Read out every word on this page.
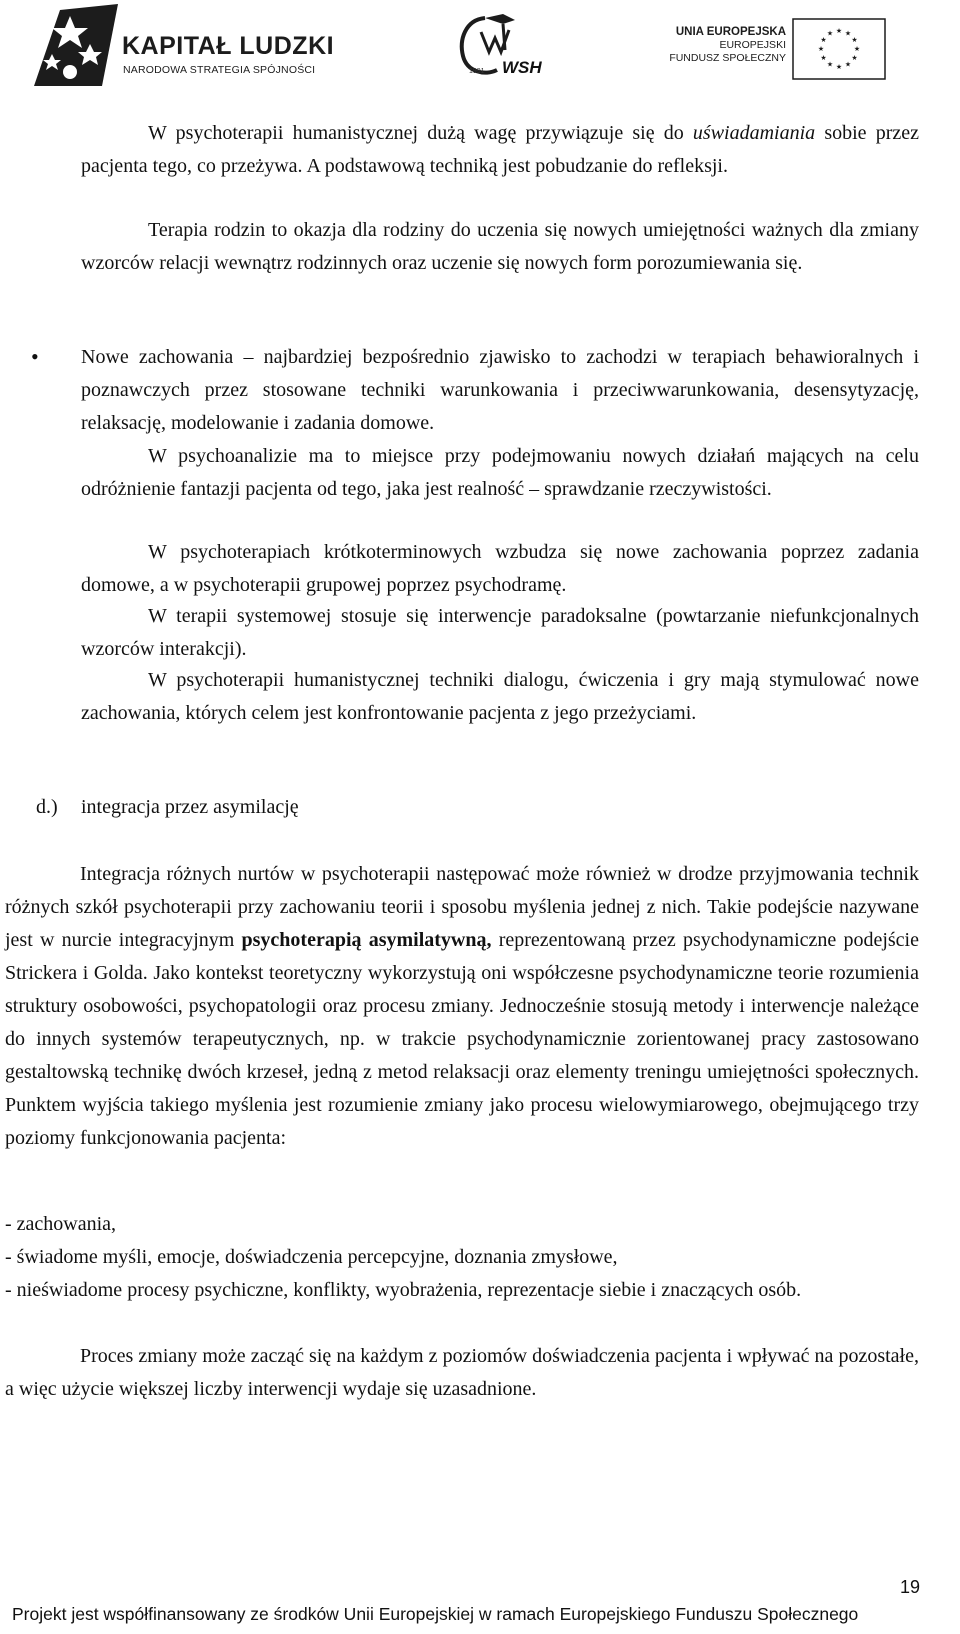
KAPITAŁ LUDZKI
NARODOWA STRATEGIA SPÓJNOŚCI	1991 WSH
UNIA EUROPEJSKA
EUROPEJSKI
FUNDUSZ SPOŁECZNY
★ ★
★
★
★
★
★
★
★
★
★
★

W psychoterapii humanistycznej dużą wagę przywiązuje się do uświadamiania sobie przez pacjenta tego, co przeżywa. A podstawową techniką jest pobudzanie do refleksji.

Terapia rodzin to okazja dla rodziny do uczenia się nowych umiejętności ważnych dla zmiany wzorców relacji wewnątrz rodzinnych oraz uczenie się nowych form porozumiewania się.

• Nowe zachowania – najbardziej bezpośrednio zjawisko to zachodzi w terapiach behawioralnych i poznawczych przez stosowane techniki warunkowania i przeciwwarunkowania, desensytyzację, relaksację, modelowanie i zadania domowe.

W psychoanalizie ma to miejsce przy podejmowaniu nowych działań mających na celu odróżnienie fantazji pacjenta od tego, jaka jest realność – sprawdzanie rzeczywistości.

W psychoterapiach krótkoterminowych wzbudza się nowe zachowania poprzez zadania domowe, a w psychoterapii grupowej poprzez psychodramę.

W terapii systemowej stosuje się interwencje paradoksalne (powtarzanie niefunkcjonalnych wzorców interakcji).

W psychoterapii humanistycznej techniki dialogu, ćwiczenia i gry mają stymulować nowe zachowania, których celem jest konfrontowanie pacjenta z jego przeżyciami.

d.) integracja przez asymilację

Integracja różnych nurtów w psychoterapii następować może również w drodze przyjmowania technik różnych szkół psychoterapii przy zachowaniu teorii i sposobu myślenia jednej z nich. Takie podejście nazywane jest w nurcie integracyjnym psychoterapią asymilatywną, reprezentowaną przez psychodynamiczne podejście Strickera i Golda. Jako kontekst teoretyczny wykorzystują oni współczesne psychodynamiczne teorie rozumienia struktury osobowości, psychopatologii oraz procesu zmiany. Jednocześnie stosują metody i interwencje należące do innych systemów terapeutycznych, np. w trakcie psychodynamicznie zorientowanej pracy zastosowano gestaltowską technikę dwóch krzeseł, jedną z metod relaksacji oraz elementy treningu umiejętności społecznych. Punktem wyjścia takiego myślenia jest rozumienie zmiany jako procesu wielowymiarowego, obejmującego trzy poziomy funkcjonowania pacjenta:

- zachowania,
- świadome myśli, emocje, doświadczenia percepcyjne, doznania zmysłowe,
- nieświadome procesy psychiczne, konflikty, wyobrażenia, reprezentacje siebie i znaczących osób.

Proces zmiany może zacząć się na każdym z poziomów doświadczenia pacjenta i wpływać na pozostałe, a więc użycie większej liczby interwencji wydaje się uzasadnione.

19
Projekt jest współfinansowany ze środków Unii Europejskiej w ramach Europejskiego Funduszu Społecznego
